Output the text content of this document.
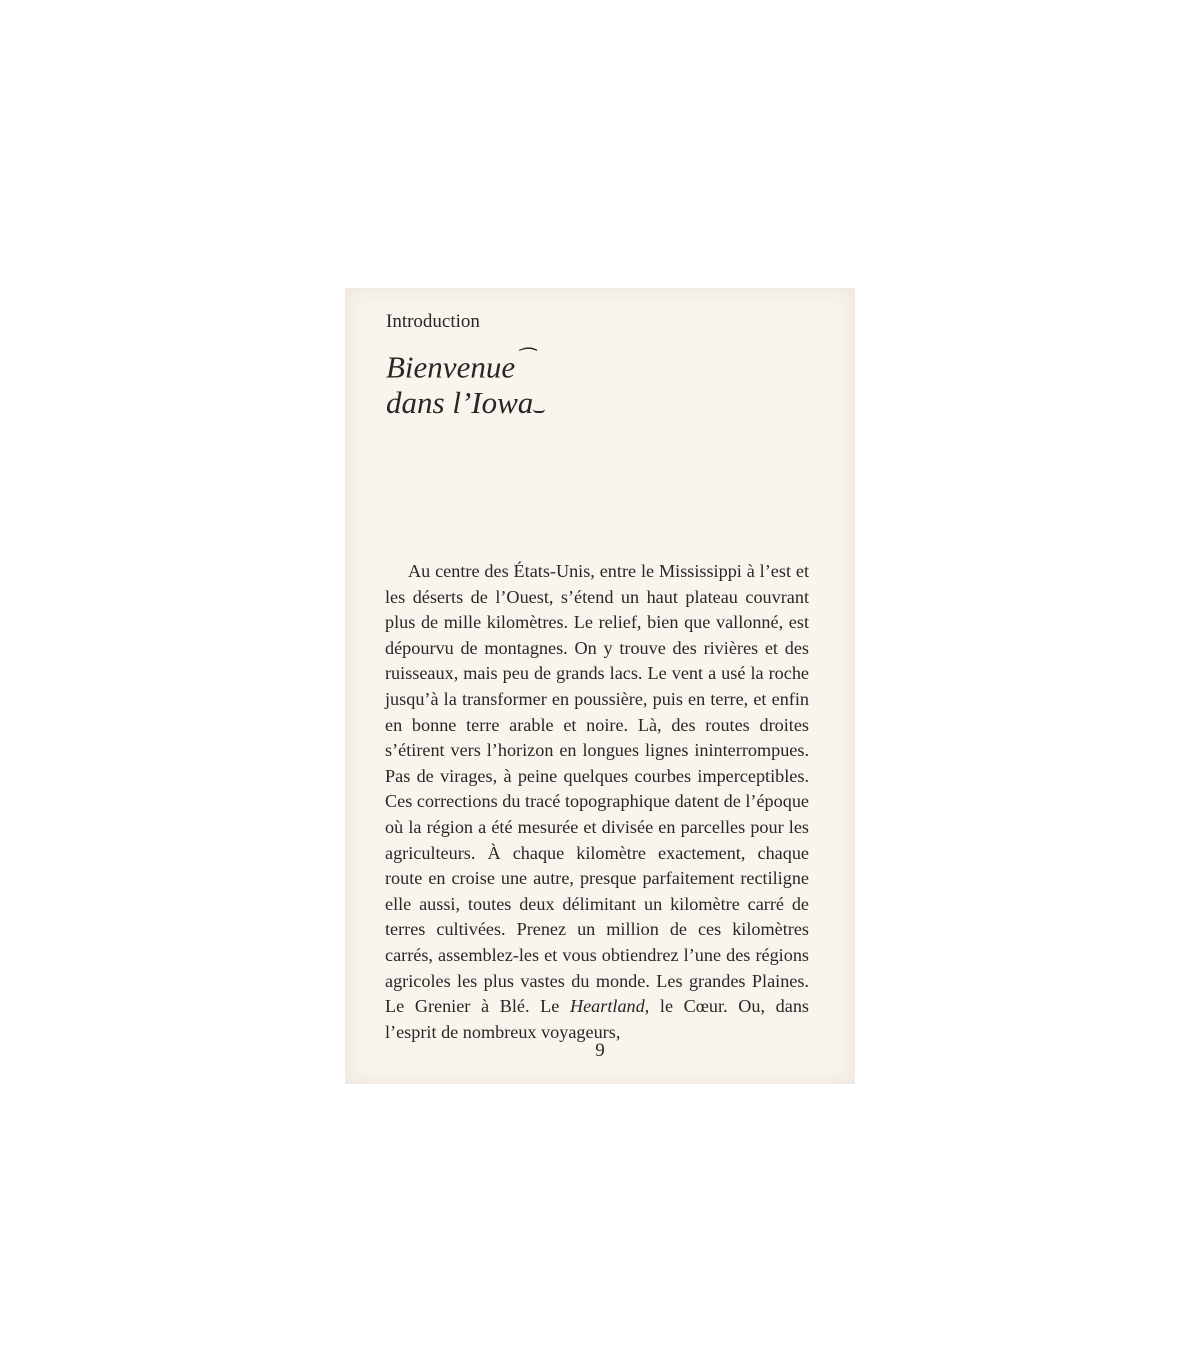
Introduction

Bienvenue ⁀
dans l’Iowa

Au centre des États-Unis, entre le Mississippi à l’est et les déserts de l’Ouest, s’étend un haut plateau couvrant plus de mille kilomètres. Le relief, bien que vallonné, est dépourvu de montagnes. On y trouve des rivières et des ruisseaux, mais peu de grands lacs. Le vent a usé la roche jusqu’à la transformer en poussière, puis en terre, et enfin en bonne terre arable et noire. Là, des routes droites s’étirent vers l’horizon en longues lignes ininterrompues. Pas de virages, à peine quelques courbes imperceptibles. Ces corrections du tracé topographique datent de l’époque où la région a été mesurée et divisée en parcelles pour les agriculteurs. À chaque kilomètre exactement, chaque route en croise une autre, presque parfaitement rectiligne elle aussi, toutes deux délimitant un kilomètre carré de terres cultivées. Prenez un million de ces kilomètres carrés, assemblez-les et vous obtiendrez l’une des régions agricoles les plus vastes du monde. Les grandes Plaines. Le Grenier à Blé. Le Heartland, le Cœur. Ou, dans l’esprit de nombreux voyageurs,

9
